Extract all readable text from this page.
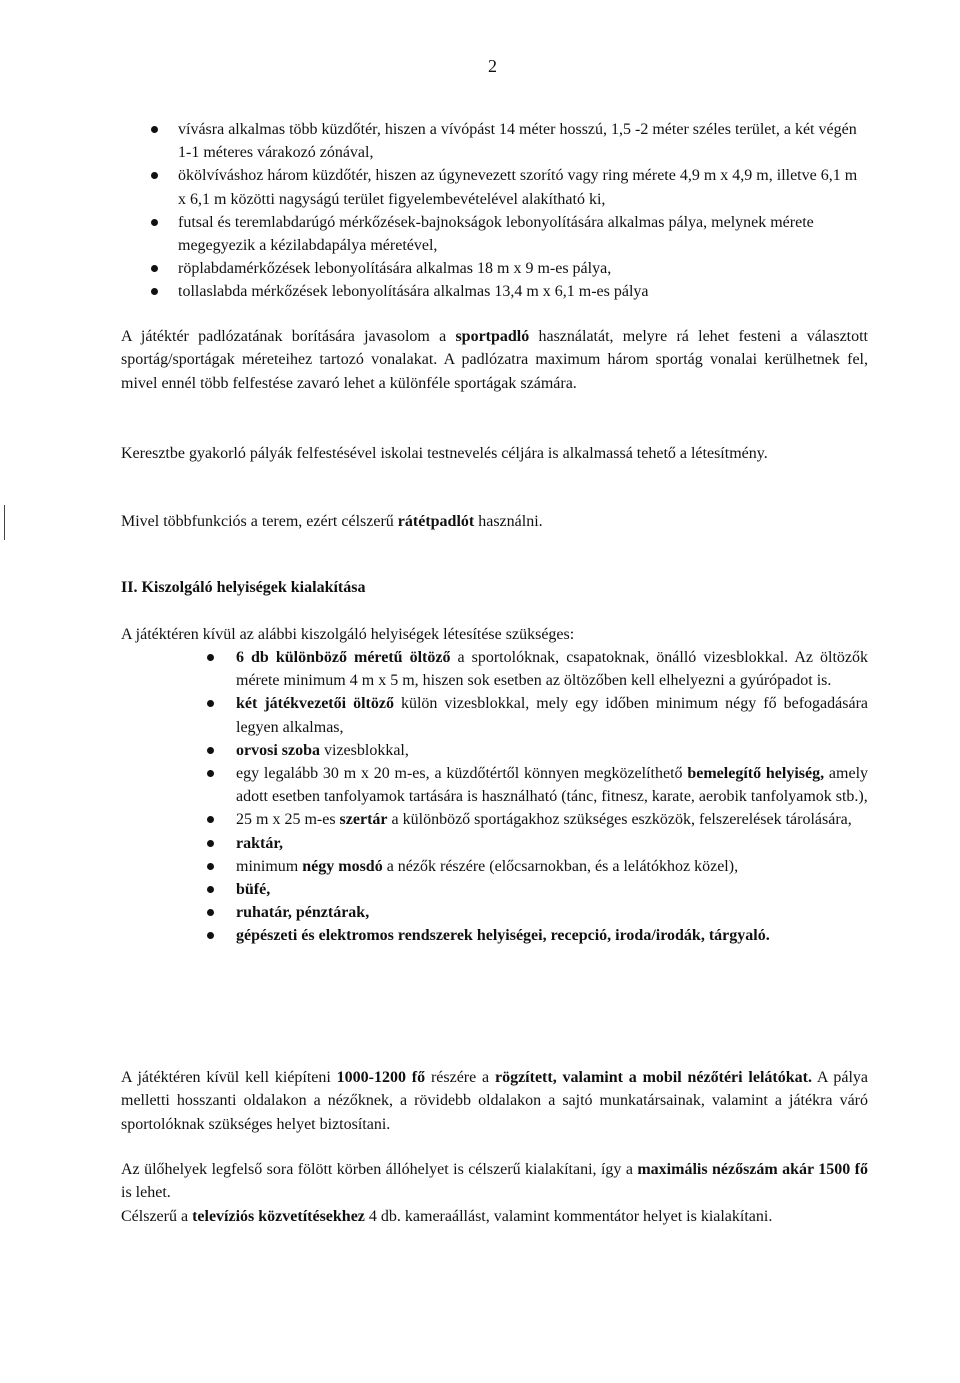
2
vívásra alkalmas több küzdőtér, hiszen a vívópást 14 méter hosszú, 1,5 -2 méter széles terület, a két végén 1-1 méteres várakozó zónával,
ökölvíváshoz három küzdőtér, hiszen az úgynevezett szorító vagy ring mérete 4,9 m x 4,9 m, illetve 6,1 m x 6,1 m közötti nagyságú terület figyelembevételével alakítható ki,
futsal és teremlabdarúgó mérkőzések-bajnokságok lebonyolítására alkalmas pálya, melynek mérete megegyezik a kézilabdapálya méretével,
röplabdamérkőzések lebonyolítására alkalmas 18 m x 9 m-es pálya,
tollaslabda mérkőzések lebonyolítására alkalmas 13,4 m x 6,1 m-es pálya

A játéktér padlózatának borítására javasolom a sportpadló használatát, melyre rá lehet festeni a választott sportág/sportágak méreteihez tartozó vonalakat. A padlózatra maximum három sportág vonalai kerülhetnek fel, mivel ennél több felfestése zavaró lehet a különféle sportágak számára.

Keresztbe gyakorló pályák felfestésével iskolai testnevelés céljára is alkalmassá tehető a létesítmény.

Mivel többfunkciós a terem, ezért célszerű rátétpadlót használni.

II. Kiszolgáló helyiségek kialakítása

A játéktéren kívül az alábbi kiszolgáló helyiségek létesítése szükséges:

6 db különböző méretű öltöző a sportolóknak, csapatoknak, önálló vizesblokkal. Az öltözők mérete minimum 4 m x 5 m, hiszen sok esetben az öltözőben kell elhelyezni a gyúrópadot is.
két játékvezetői öltöző külön vizesblokkal, mely egy időben minimum négy fő befogadására legyen alkalmas,
orvosi szoba vizesblokkal,
egy legalább 30 m x 20 m-es, a küzdőtértől könnyen megközelíthető bemelegítő helyiség, amely adott esetben tanfolyamok tartására is használható (tánc, fitnesz, karate, aerobik tanfolyamok stb.),
25 m x 25 m-es szertár a különböző sportágakhoz szükséges eszközök, felszerelések tárolására,
raktár,
minimum négy mosdó a nézők részére (előcsarnokban, és a lelátókhoz közel),
büfé,
ruhatár, pénztárak,
gépészeti és elektromos rendszerek helyiségei, recepció, iroda/irodák, tárgyaló.

A játéktéren kívül kell kiépíteni 1000-1200 fő részére a rögzített, valamint a mobil nézőtéri lelátókat. A pálya melletti hosszanti oldalakon a nézőknek, a rövidebb oldalakon a sajtó munkatársainak, valamint a játékra váró sportolóknak szükséges helyet biztosítani.

Az ülőhelyek legfelső sora fölött körben állóhelyet is célszerű kialakítani, így a maximális nézőszám akár 1500 fő is lehet.

Célszerű a televíziós közvetítésekhez 4 db. kameraállást, valamint kommentátor helyet is kialakítani.
